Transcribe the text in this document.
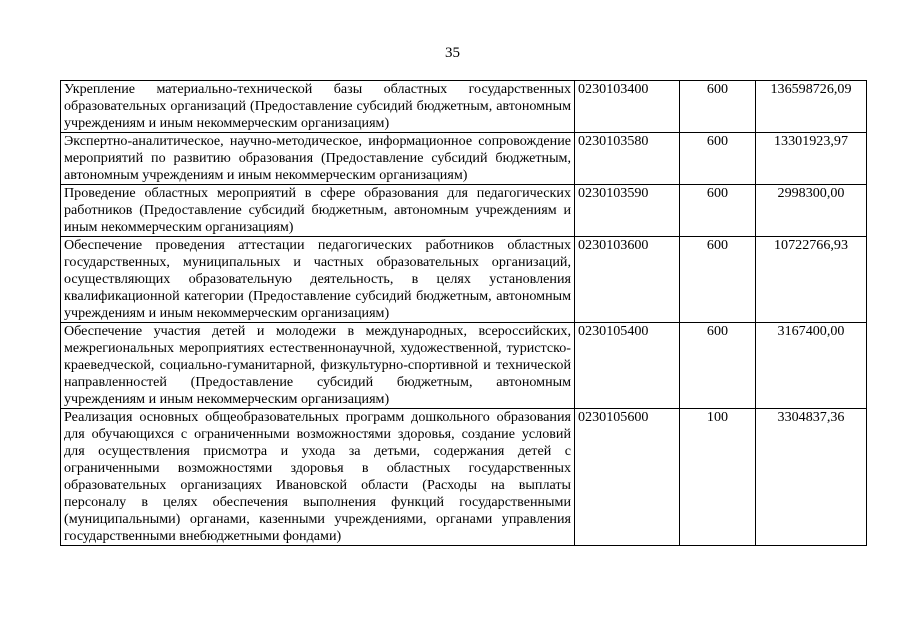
35
Укрепление материально-технической базы областных государственных образовательных организаций (Предоставление субсидий бюджетным, автономным учреждениям и иным некоммерческим организациям)	0230103400	600	136598726,09
Экспертно-аналитическое, научно-методическое, информационное сопровождение мероприятий по развитию образования (Предоставление субсидий бюджетным, автономным учреждениям и иным некоммерческим организациям)	0230103580	600	13301923,97
Проведение областных мероприятий в сфере образования для педагогических работников (Предоставление субсидий бюджетным, автономным учреждениям и иным некоммерческим организациям)	0230103590	600	2998300,00
Обеспечение проведения аттестации педагогических работников областных государственных, муниципальных и частных образовательных организаций, осуществляющих образовательную деятельность, в целях установления квалификационной категории (Предоставление субсидий бюджетным, автономным учреждениям и иным некоммерческим организациям)	0230103600	600	10722766,93
Обеспечение участия детей и молодежи в международных, всероссийских, межрегиональных мероприятиях естественнонаучной, художественной, туристско-краеведческой, социально-гуманитарной, физкультурно-спортивной и технической направленностей (Предоставление субсидий бюджетным, автономным учреждениям и иным некоммерческим организациям)	0230105400	600	3167400,00
Реализация основных общеобразовательных программ дошкольного образования для обучающихся с ограниченными возможностями здоровья, создание условий для осуществления присмотра и ухода за детьми, содержания детей с ограниченными возможностями здоровья в областных государственных образовательных организациях Ивановской области (Расходы на выплаты персоналу в целях обеспечения выполнения функций государственными (муниципальными) органами, казенными учреждениями, органами управления государственными внебюджетными фондами)	0230105600	100	3304837,36
